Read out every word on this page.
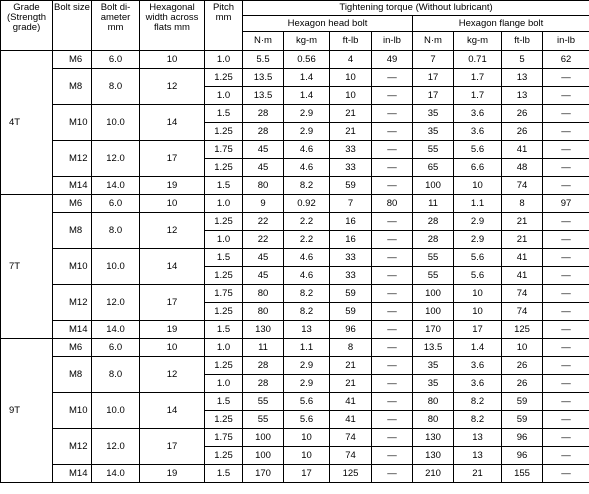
Grade (Strength grade)	Bolt size	Bolt di- ameter mm	Hexagonal width across flats mm	Pitch mm	Tightening torque (Without lubricant)							
					Hexagon head bolt				Hexagon flange bolt			
					N·m	kg-m	ft-lb	in-lb	N·m	kg-m	ft-lb	in-lb
4T	M6	6.0	10	1.0	5.5	0.56	4	49	7	0.71	5	62
	M8	8.0	12	1.25	13.5	1.4	10	—	17	1.7	13	—
				1.0	13.5	1.4	10	—	17	1.7	13	—
	M10	10.0	14	1.5	28	2.9	21	—	35	3.6	26	—
				1.25	28	2.9	21	—	35	3.6	26	—
	M12	12.0	17	1.75	45	4.6	33	—	55	5.6	41	—
				1.25	45	4.6	33	—	65	6.6	48	—
	M14	14.0	19	1.5	80	8.2	59	—	100	10	74	—
7T	M6	6.0	10	1.0	9	0.92	7	80	11	1.1	8	97
	M8	8.0	12	1.25	22	2.2	16	—	28	2.9	21	—
				1.0	22	2.2	16	—	28	2.9	21	—
	M10	10.0	14	1.5	45	4.6	33	—	55	5.6	41	—
				1.25	45	4.6	33	—	55	5.6	41	—
	M12	12.0	17	1.75	80	8.2	59	—	100	10	74	—
				1.25	80	8.2	59	—	100	10	74	—
	M14	14.0	19	1.5	130	13	96	—	170	17	125	—
9T	M6	6.0	10	1.0	11	1.1	8	—	13.5	1.4	10	—
	M8	8.0	12	1.25	28	2.9	21	—	35	3.6	26	—
				1.0	28	2.9	21	—	35	3.6	26	—
	M10	10.0	14	1.5	55	5.6	41	—	80	8.2	59	—
				1.25	55	5.6	41	—	80	8.2	59	—
	M12	12.0	17	1.75	100	10	74	—	130	13	96	—
				1.25	100	10	74	—	130	13	96	—
	M14	14.0	19	1.5	170	17	125	—	210	21	155	—
